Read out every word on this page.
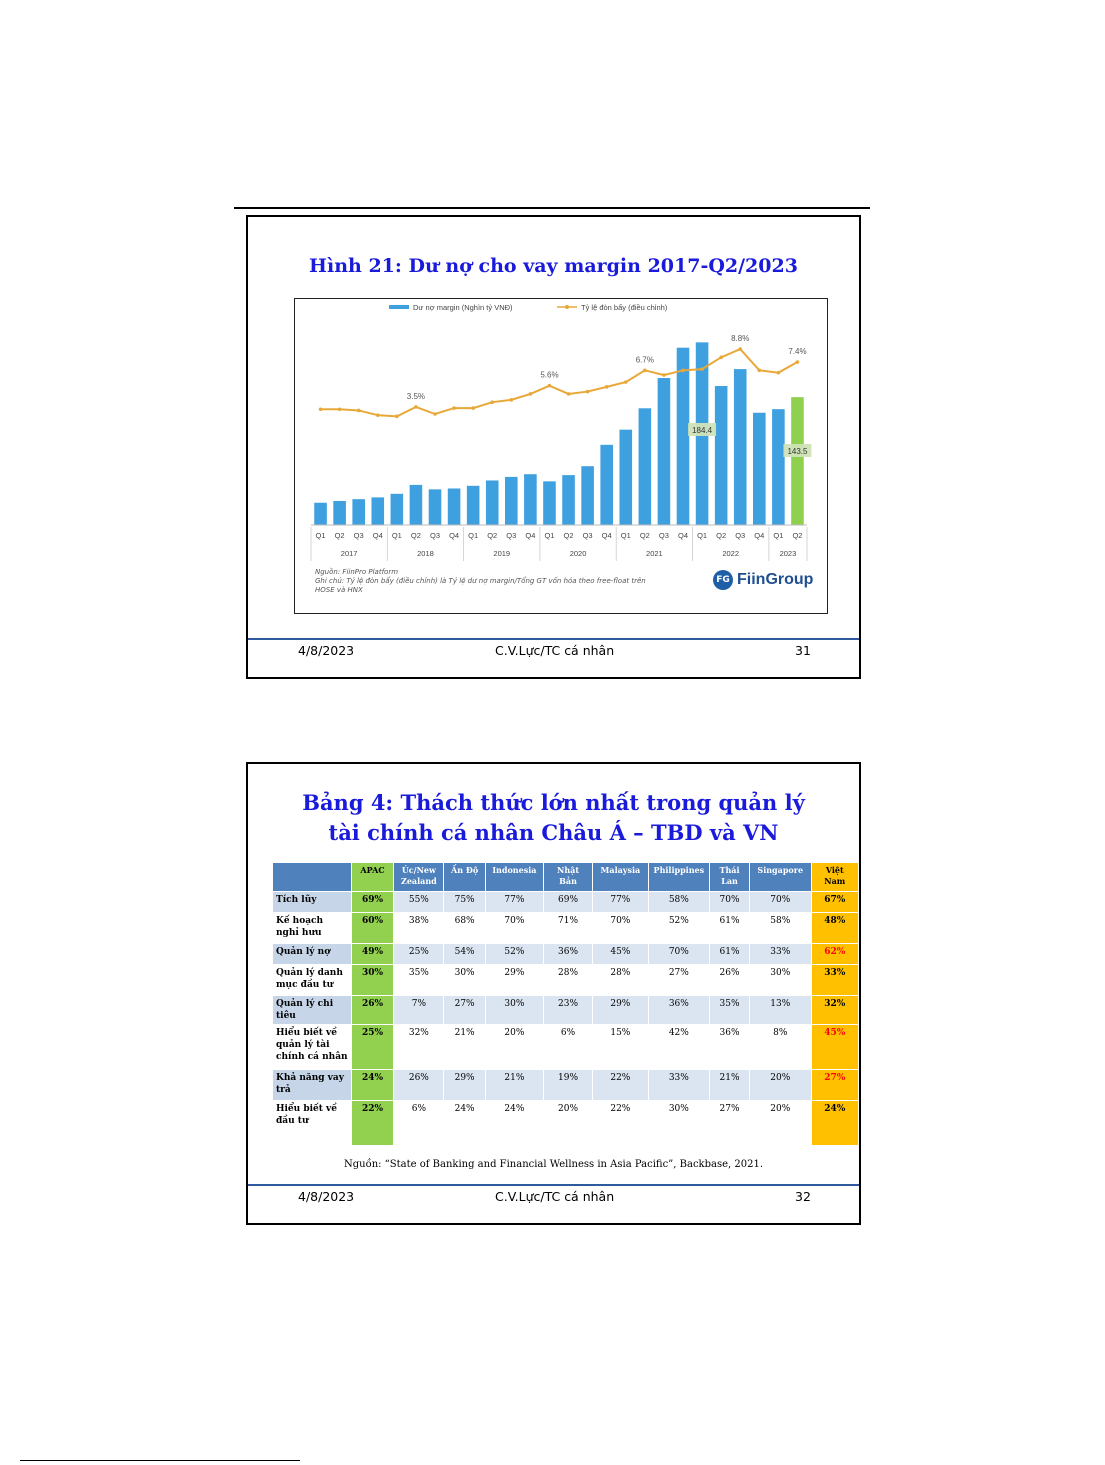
Hình 21: Dư nợ cho vay margin 2017-Q2/2023
Dư nợ margin (Nghìn tỷ VNĐ)	Tỷ lệ đòn bẩy (điều chỉnh)
3.5%
5.6%
6.7%
8.8%
7.4%
184.4
143.5
Q1 Q2 Q3 Q4 Q1 Q2 Q3 Q4 Q1 Q2 Q3 Q4 Q1 Q2 Q3 Q4 Q1 Q2 Q3 Q4 Q1 Q2 Q3 Q4 Q1 Q2
2017	2018	2019	2020	2021	2022	2023
Nguồn: FiinPro Platform
Ghi chú: Tỷ lệ đòn bẩy (điều chỉnh) là Tỷ lệ dư nợ margin/Tổng GT vốn hóa theo free-float trên HOSE và HNX
FG FiinGroup
4/8/2023	C.V.Lực/TC cá nhân	31
Bảng 4: Thách thức lớn nhất trong quản lý
tài chính cá nhân Châu Á – TBD và VN
	APAC	Úc/New Zealand	Ấn Độ	Indonesia	Nhật Bản	Malaysia	Philippines	Thái Lan	Singapore	Việt Nam
Tích lũy	69%	55%	75%	77%	69%	77%	58%	70%	70%	67%
Kế hoạch nghỉ hưu	60%	38%	68%	70%	71%	70%	52%	61%	58%	48%
Quản lý nợ	49%	25%	54%	52%	36%	45%	70%	61%	33%	62%
Quản lý danh mục đầu tư	30%	35%	30%	29%	28%	28%	27%	26%	30%	33%
Quản lý chi tiêu	26%	7%	27%	30%	23%	29%	36%	35%	13%	32%
Hiểu biết về quản lý tài chính cá nhân	25%	32%	21%	20%	6%	15%	42%	36%	8%	45%
Khả năng vay trả	24%	26%	29%	21%	19%	22%	33%	21%	20%	27%
Hiểu biết về đầu tư	22%	6%	24%	24%	20%	22%	30%	27%	20%	24%
Nguồn: “State of Banking and Financial Wellness in Asia Pacific”, Backbase, 2021.
4/8/2023	C.V.Lực/TC cá nhân	32
